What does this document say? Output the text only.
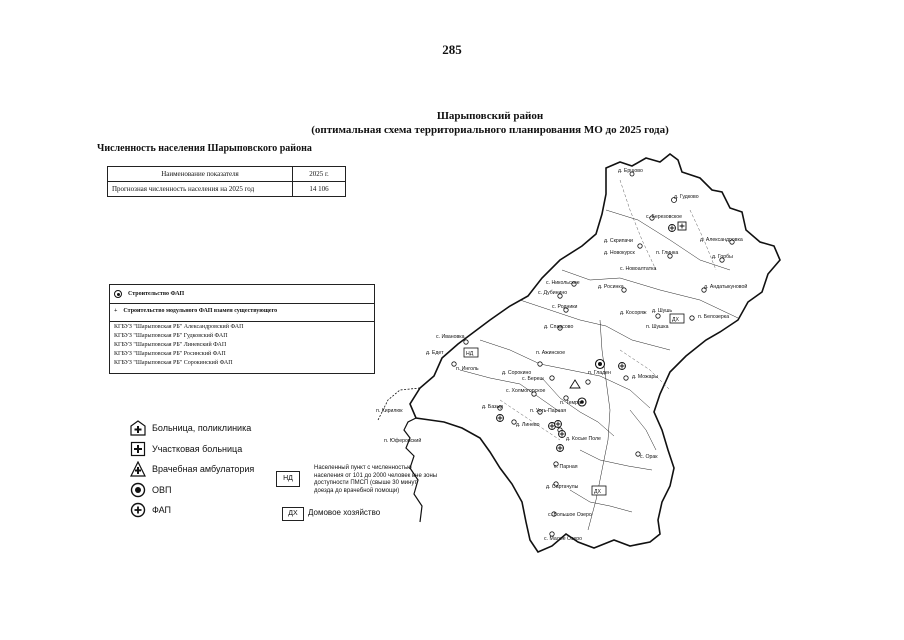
285
Шарыповский район
(оптимальная схема территориального планирования МО до 2025 года)
Численность населения Шарыповского района
Наименование показателя	2025 г.
Прогнозная численность населения на 2025 год	14 106
Строительство ФАП
+ Строительство модульного ФАП взамен существующего
КГБУЗ "Шарыповская РБ" Александровский ФАП
КГБУЗ "Шарыповская РБ" Гудковский ФАП
КГБУЗ "Шарыповская РБ" Линевский ФАП
КГБУЗ "Шарыповская РБ" Росинский ФАП
КГБУЗ "Шарыповская РБ" Сорокинский ФАП
Больница, поликлиника
Участковая больница
Врачебная амбулатория
ОВП
ФАП
НД
Населенный пункт с численностью населения от 101 до 2000 человек вне зоны доступности ПМСП (свыше 30 минут доезда до врачебной помощи)
ДХ	Домовое хозяйство
НД
ДХ
ДХ
д. Ершово
д. Гудково
с. Березовское
д. Скрипачи	д. Александровка
д. Новокурск	п. Глинка
д. Горбы
с. Новоалтатка
с. Никольское
с. Дубинино
д. Росинка	д. Андатыкуновой
с. Родники
д. Шушь
д. Косоряж
п. Белозерка
с. Ивановка
п. Шушка
д. Спарсово
д. Едет	п. Ажинское
п. Инголь
п. Гладен
д. Сорокино
с. Береш	д. Можары
с. Холмогорское
п. Темра
п. Кирилюк
д. Базыр
п. Усть-Парная
д. Линево
д. Косые Поле
п. Юферовский
с. Орак
с. Парная
д. Сартачулы
с. Большое Озеро
с. Малое Озеро
